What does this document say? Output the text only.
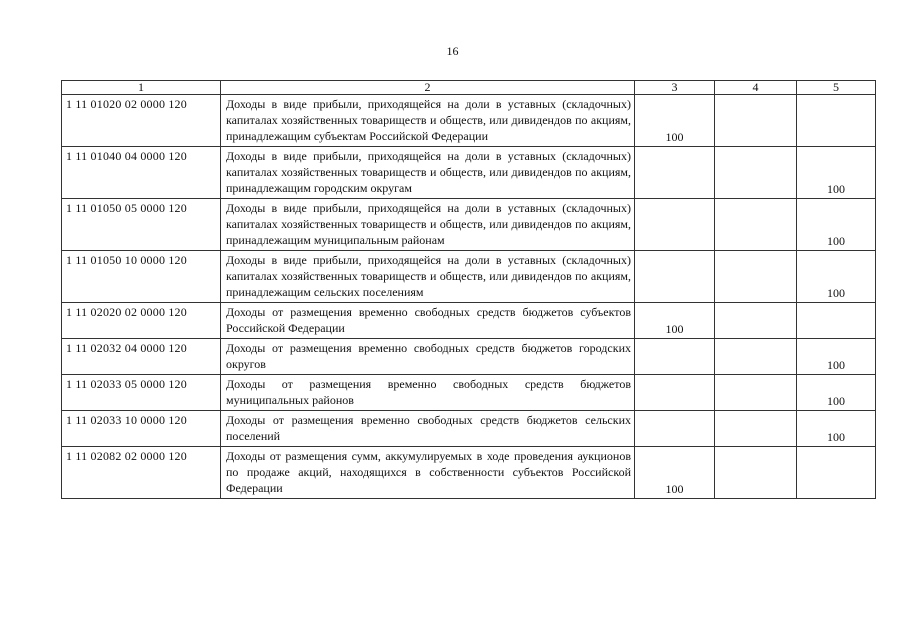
16
1	2	3	4	5
1 11 01020 02 0000 120	Доходы в виде прибыли, приходящейся на доли в уставных (складочных) капиталах хозяйственных товариществ и обществ, или дивидендов по акциям, принадлежащим субъектам Российской Федерации	100		
1 11 01040 04 0000 120	Доходы в виде прибыли, приходящейся на доли в уставных (складочных) капиталах хозяйственных товариществ и обществ, или дивидендов по акциям, принадлежащим городским округам			100
1 11 01050 05 0000 120	Доходы в виде прибыли, приходящейся на доли в уставных (складочных) капиталах хозяйственных товариществ и обществ, или дивидендов по акциям, принадлежащим муниципальным районам			100
1 11 01050 10 0000 120	Доходы в виде прибыли, приходящейся на доли в уставных (складочных) капиталах хозяйственных товариществ и обществ, или дивидендов по акциям, принадлежащим сельских поселениям			100
1 11 02020 02 0000 120	Доходы от размещения временно свободных средств бюджетов субъектов Российской Федерации	100		
1 11 02032 04 0000 120	Доходы от размещения временно свободных средств бюджетов городских округов			100
1 11 02033 05 0000 120	Доходы от размещения временно свободных средств бюджетов муниципальных районов			100
1 11 02033 10 0000 120	Доходы от размещения временно свободных средств бюджетов сельских поселений			100
1 11 02082 02 0000 120	Доходы от размещения сумм, аккумулируемых в ходе проведения аукционов по продаже акций, находящихся в собственности субъектов Российской Федерации	100		
